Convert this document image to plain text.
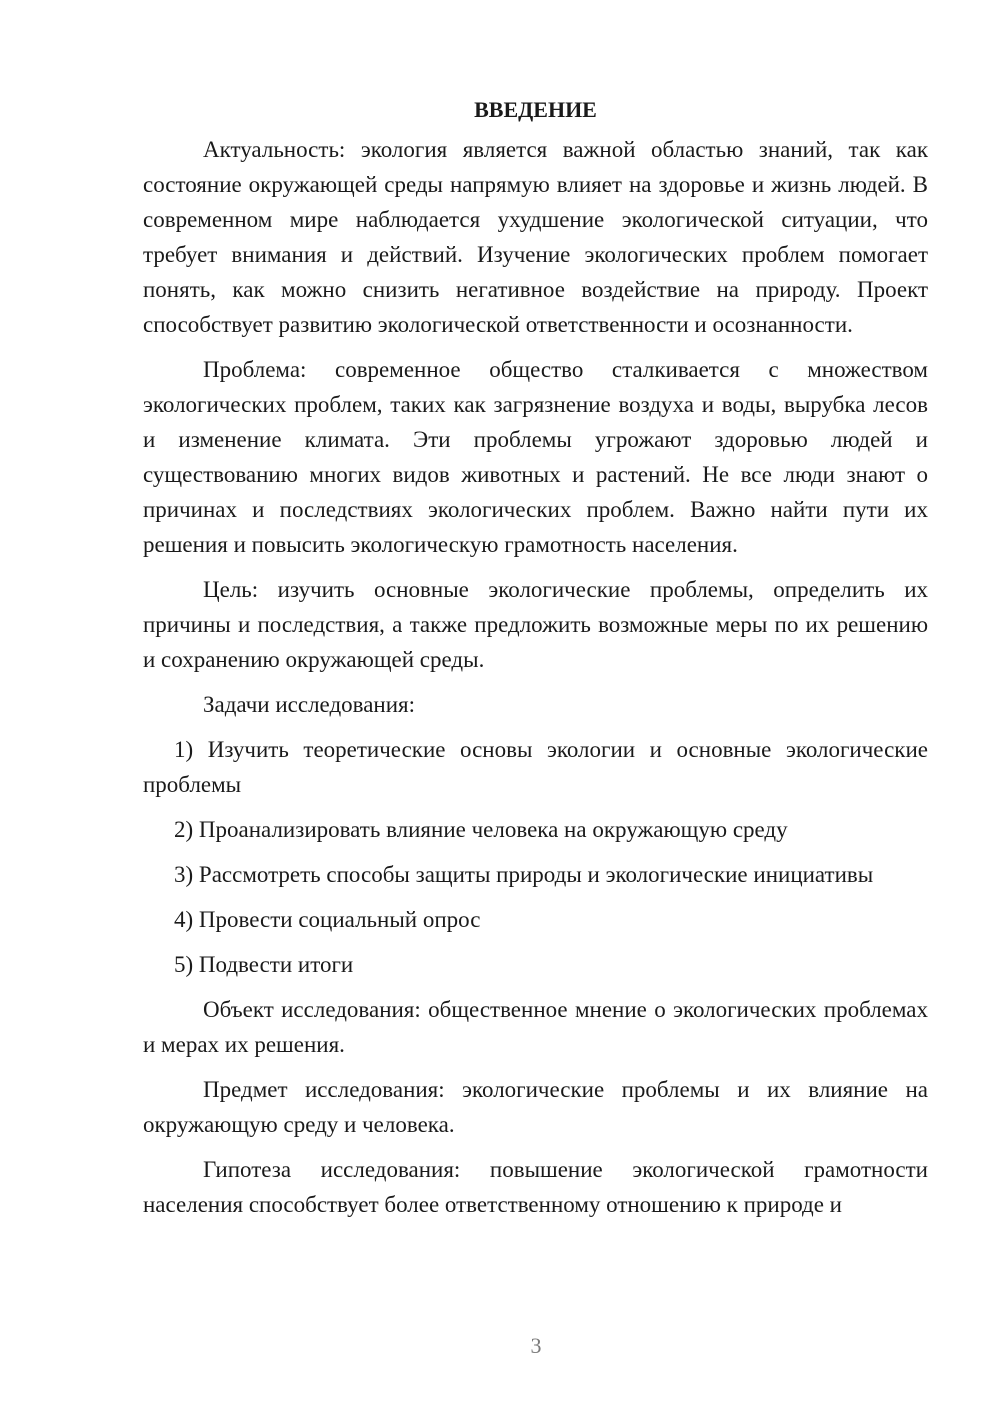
ВВЕДЕНИЕ

Актуальность: экология является важной областью знаний, так как состояние окружающей среды напрямую влияет на здоровье и жизнь людей. В современном мире наблюдается ухудшение экологической ситуации, что требует внимания и действий. Изучение экологических проблем помогает понять, как можно снизить негативное воздействие на природу. Проект способствует развитию экологической ответственности и осознанности.

Проблема: современное общество сталкивается с множеством экологических проблем, таких как загрязнение воздуха и воды, вырубка лесов и изменение климата. Эти проблемы угрожают здоровью людей и существованию многих видов животных и растений. Не все люди знают о причинах и последствиях экологических проблем. Важно найти пути их решения и повысить экологическую грамотность населения.

Цель: изучить основные экологические проблемы, определить их причины и последствия, а также предложить возможные меры по их решению и сохранению окружающей среды.

Задачи исследования:

1) Изучить теоретические основы экологии и основные экологические проблемы

2) Проанализировать влияние человека на окружающую среду

3) Рассмотреть способы защиты природы и экологические инициативы

4) Провести социальный опрос

5) Подвести итоги

Объект исследования: общественное мнение о экологических проблемах и мерах их решения.

Предмет исследования: экологические проблемы и их влияние на окружающую среду и человека.

Гипотеза исследования: повышение экологической грамотности населения способствует более ответственному отношению к природе и

3
